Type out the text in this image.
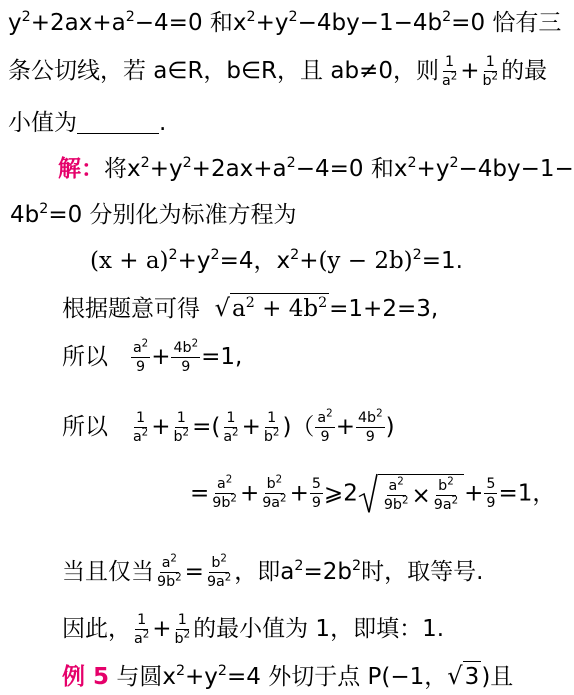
$y^2+2ax+a^2-4=0$ 和$x^2+y^2-4by-1-4b^2=0$ 恰有三
条公切线，若 a∈R，b∈R，且 ab≠0，则 $\frac{1}{a^2} + \frac{1}{b^2}$ 的最
小值为	.
解：将$x^2+y^2+2ax+a^2-4=0$ 和$x^2+y^2-4by-1-$
$4b^2=0$ 分别化为标准方程为
$(x + a)^2+y^2=4$，$x^2+(y - 2b)^2=1$.
根据题意可得 $√a^2 + 4b^2=1+2=3$,
所以 $\frac{a^2}{9} + \frac{4b^2}{9} =1$,
所以 $\frac{1}{a^2} + \frac{1}{b^2}$ =( $\frac{1}{a^2} + \frac{1}{b^2}$ )（ $\frac{a^2}{9} + \frac{4b^2}{9}$ )
= $\frac{a^2}{9b^2} + \frac{b^2}{9a^2} + \frac{5}{9}$ ⩾2 $\frac{a^2}{9b^2} \times \frac{b^2}{9a^2} + \frac{5}{9} =1$，
当且仅当 $\frac{a^2}{9b^2} = \frac{b^2}{9a^2}$ ，即$a^2=2b^2$时，取等号.
因此， $\frac{1}{a^2} + \frac{1}{b^2}$ 的最小值为 1，即填：1.
例 5 与圆$x^2+y^2=4$ 外切于点 P(−1，√3)且
